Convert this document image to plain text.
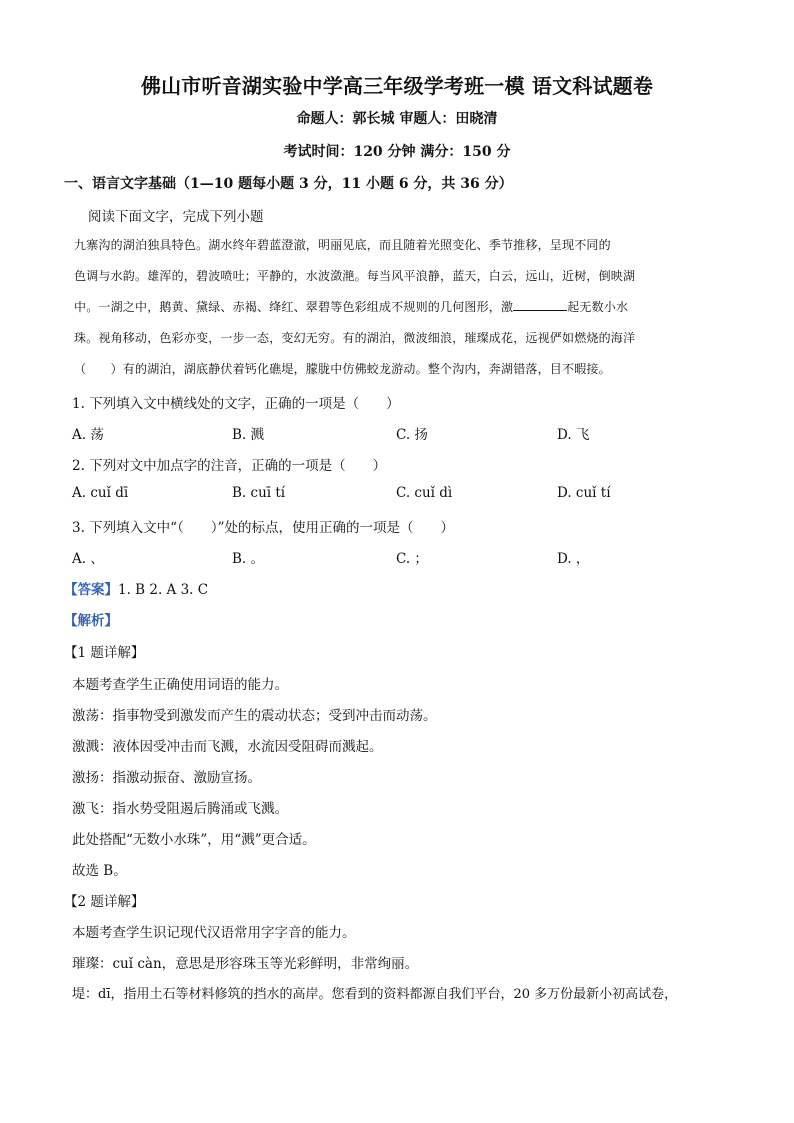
佛山市听音湖实验中学高三年级学考班一模 语文科试题卷
命题人：郭长城 审题人：田晓清
考试时间：120 分钟 满分：150 分
一、语言文字基础（1—10 题每小题 3 分，11 小题 6 分，共 36 分）
阅读下面文字，完成下列小题
九寨沟的湖泊独具特色。湖水终年碧蓝澄澈，明丽见底，而且随着光照变化、季节推移，呈现不同的
色调与水韵。雄浑的，碧波喷吐；平静的，水波潋滟。每当风平浪静，蓝天，白云，远山，近树，倒映湖
中。一湖之中，鹅黄、黛绿、赤褐、绛红、翠碧等色彩组成不规则的几何图形，激	起无数小水
珠。视角移动，色彩亦变，一步一态，变幻无穷。有的湖泊，微波细浪，璀璨成花，远视俨如燃烧的海洋
（　　）有的湖泊，湖底静伏着钙化礁堤，朦胧中仿佛蛟龙游动。整个沟内，奔湖错落，目不暇接。
1. 下列填入文中横线处的文字，正确的一项是（　　）
A. 荡	B. 溅	C. 扬	D. 飞
2. 下列对文中加点字的注音，正确的一项是（　　）
A. cuǐ dī	B. cuī tí	C. cuǐ dì	D. cuǐ tí
3. 下列填入文中“（　　）”处的标点，使用正确的一项是（　　）
A. 、	B. 。	C. ；	D. ，
【答案】1. B 2. A 3. C
【解析】
【1 题详解】
本题考查学生正确使用词语的能力。
激荡：指事物受到激发而产生的震动状态；受到冲击而动荡。
激溅：液体因受冲击而飞溅，水流因受阻碍而溅起。
激扬：指激动振奋、激励宣扬。
激飞：指水势受阻遏后腾涌或飞溅。
此处搭配“无数小水珠”，用“溅”更合适。
故选 B。
【2 题详解】
本题考查学生识记现代汉语常用字字音的能力。
璀璨：cuǐ càn，意思是形容珠玉等光彩鲜明，非常绚丽。
堤：dī，指用土石等材料修筑的挡水的高岸。您看到的资料都源自我们平台，20 多万份最新小初高试卷，
